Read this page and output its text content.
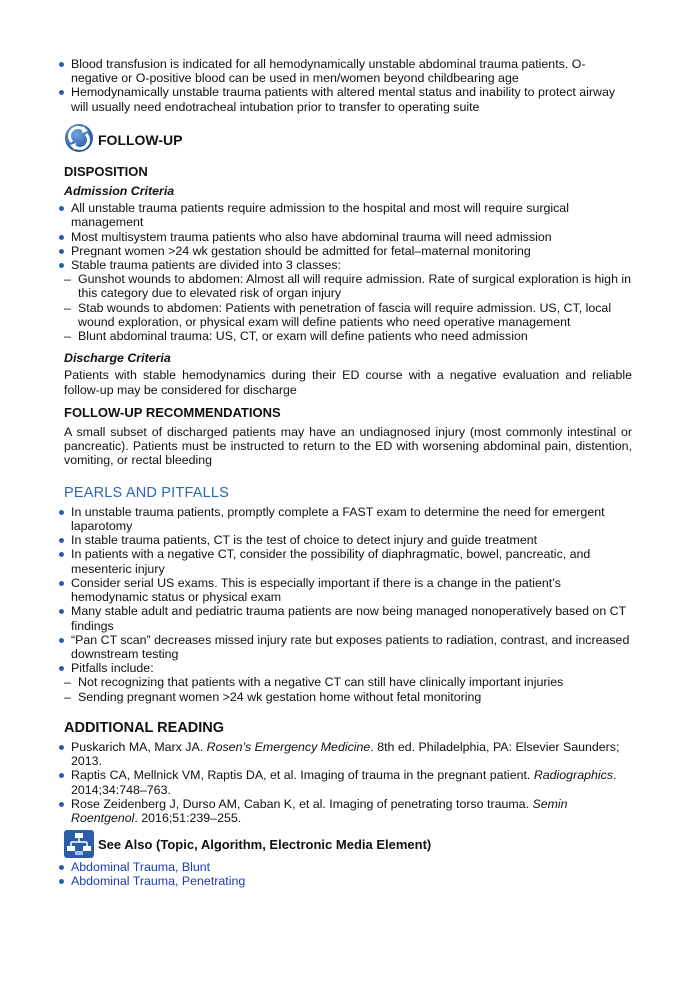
Blood transfusion is indicated for all hemodynamically unstable abdominal trauma patients. O-negative or O-positive blood can be used in men/women beyond childbearing age
Hemodynamically unstable trauma patients with altered mental status and inability to protect airway will usually need endotracheal intubation prior to transfer to operating suite
FOLLOW-UP
DISPOSITION
Admission Criteria
All unstable trauma patients require admission to the hospital and most will require surgical management
Most multisystem trauma patients who also have abdominal trauma will need admission
Pregnant women >24 wk gestation should be admitted for fetal–maternal monitoring
Stable trauma patients are divided into 3 classes:
– Gunshot wounds to abdomen: Almost all will require admission. Rate of surgical exploration is high in this category due to elevated risk of organ injury
– Stab wounds to abdomen: Patients with penetration of fascia will require admission. US, CT, local wound exploration, or physical exam will define patients who need operative management
– Blunt abdominal trauma: US, CT, or exam will define patients who need admission
Discharge Criteria
Patients with stable hemodynamics during their ED course with a negative evaluation and reliable follow-up may be considered for discharge
FOLLOW-UP RECOMMENDATIONS
A small subset of discharged patients may have an undiagnosed injury (most commonly intestinal or pancreatic). Patients must be instructed to return to the ED with worsening abdominal pain, distention, vomiting, or rectal bleeding
PEARLS AND PITFALLS
In unstable trauma patients, promptly complete a FAST exam to determine the need for emergent laparotomy
In stable trauma patients, CT is the test of choice to detect injury and guide treatment
In patients with a negative CT, consider the possibility of diaphragmatic, bowel, pancreatic, and mesenteric injury
Consider serial US exams. This is especially important if there is a change in the patient’s hemodynamic status or physical exam
Many stable adult and pediatric trauma patients are now being managed nonoperatively based on CT findings
“Pan CT scan” decreases missed injury rate but exposes patients to radiation, contrast, and increased downstream testing
Pitfalls include:
– Not recognizing that patients with a negative CT can still have clinically important injuries
– Sending pregnant women >24 wk gestation home without fetal monitoring
ADDITIONAL READING
Puskarich MA, Marx JA. Rosen’s Emergency Medicine. 8th ed. Philadelphia, PA: Elsevier Saunders; 2013.
Raptis CA, Mellnick VM, Raptis DA, et al. Imaging of trauma in the pregnant patient. Radiographics. 2014;34:748–763.
Rose Zeidenberg J, Durso AM, Caban K, et al. Imaging of penetrating torso trauma. Semin Roentgenol. 2016;51:239–255.
See Also (Topic, Algorithm, Electronic Media Element)
Abdominal Trauma, Blunt
Abdominal Trauma, Penetrating
